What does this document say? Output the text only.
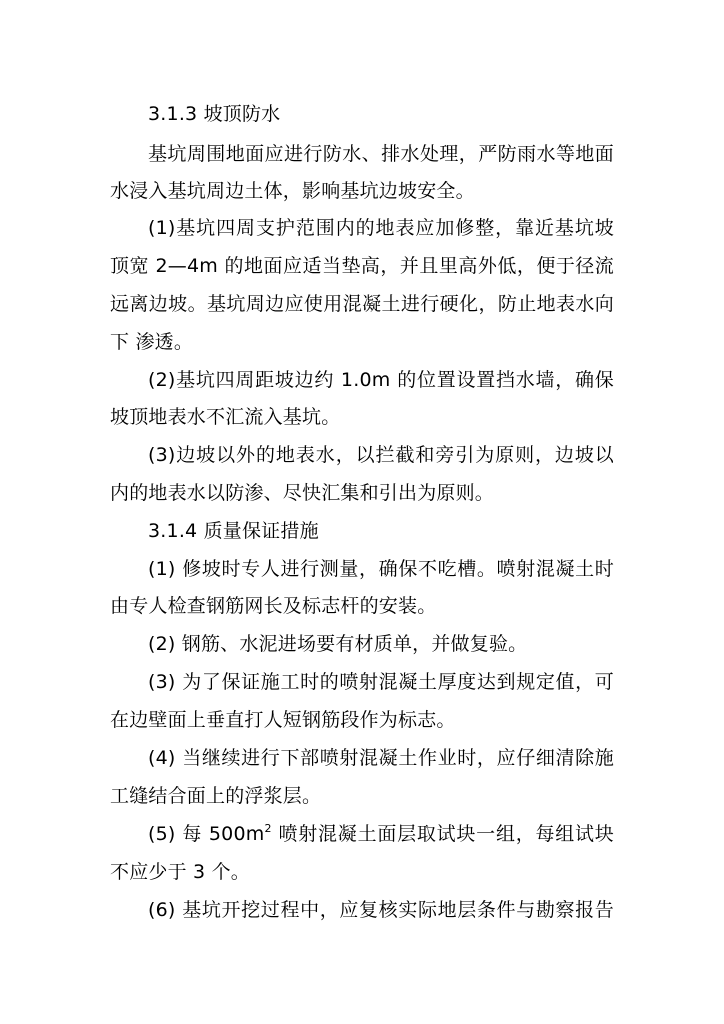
3.1.3 坡顶防水
基坑周围地面应进行防水、排水处理，严防雨水等地面
水浸入基坑周边土体，影响基坑边坡安全。
(1)基坑四周支护范围内的地表应加修整，靠近基坑坡
顶宽 2—4m 的地面应适当垫高，并且里高外低，便于径流
远离边坡。基坑周边应使用混凝土进行硬化，防止地表水向
下 渗透。
(2)基坑四周距坡边约 1.0m 的位置设置挡水墙，确保
坡顶地表水不汇流入基坑。
(3)边坡以外的地表水，以拦截和旁引为原则，边坡以
内的地表水以防渗、尽快汇集和引出为原则。
3.1.4 质量保证措施
(1) 修坡时专人进行测量，确保不吃槽。喷射混凝土时
由专人检查钢筋网长及标志杆的安装。
(2) 钢筋、水泥进场要有材质单，并做复验。
(3) 为了保证施工时的喷射混凝土厚度达到规定值，可
在边壁面上垂直打人短钢筋段作为标志。
(4) 当继续进行下部喷射混凝土作业时，应仔细清除施
工缝结合面上的浮浆层。
(5) 每 $500m^2$ 喷射混凝土面层取试块一组，每组试块
不应少于 3 个。
(6) 基坑开挖过程中，应复核实际地层条件与勘察报告
